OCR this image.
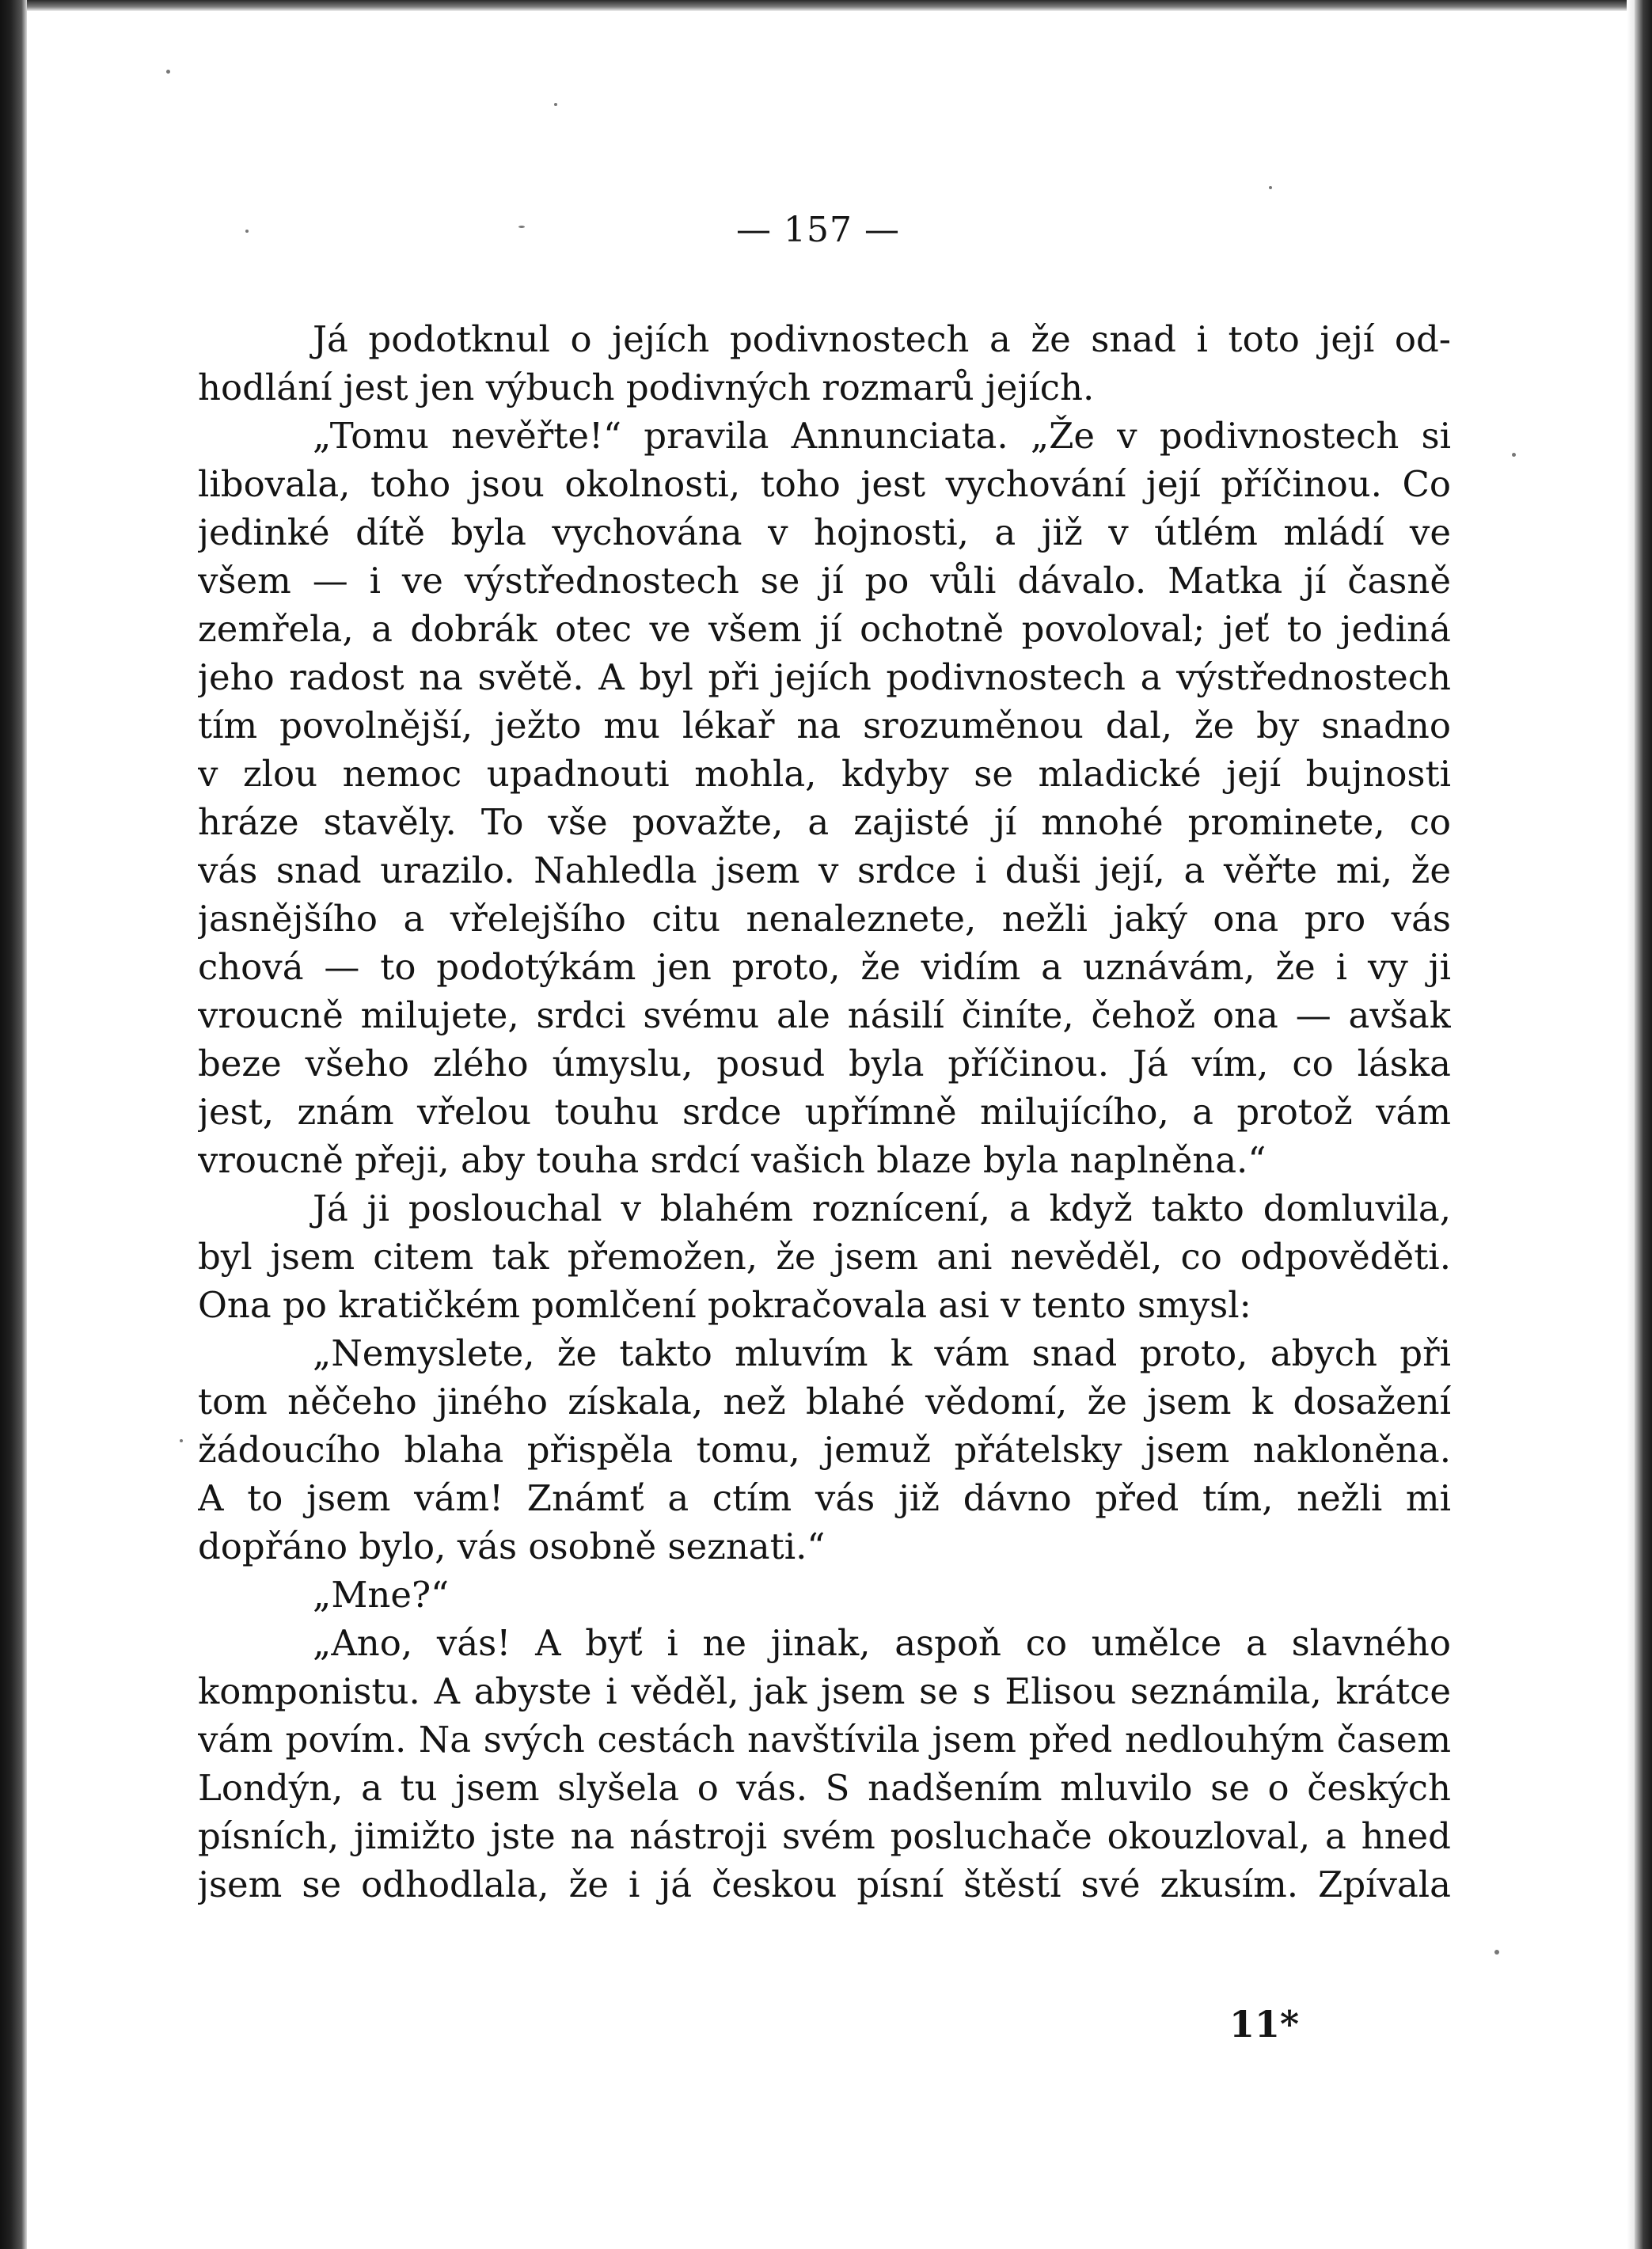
— 157 —
Já podotknul o jejích podivnostech a že snad i toto její od-
hodlání jest jen výbuch podivných rozmarů jejích.
„Tomu nevěřte!“ pravila Annunciata. „Že v podivnostech si
libovala, toho jsou okolnosti, toho jest vychování její příčinou. Co
jedinké dítě byla vychována v hojnosti, a již v útlém mládí ve
všem — i ve výstřednostech se jí po vůli dávalo. Matka jí časně
zemřela, a dobrák otec ve všem jí ochotně povoloval; jeť to jediná
jeho radost na světě. A byl při jejích podivnostech a výstřednostech
tím povolnější, ježto mu lékař na srozuměnou dal, že by snadno
v zlou nemoc upadnouti mohla, kdyby se mladické její bujnosti
hráze stavěly. To vše považte, a zajisté jí mnohé prominete, co
vás snad urazilo. Nahledla jsem v srdce i duši její, a věřte mi, že
jasnějšího a vřelejšího citu nenaleznete, nežli jaký ona pro vás
chová — to podotýkám jen proto, že vidím a uznávám, že i vy ji
vroucně milujete, srdci svému ale násilí činíte, čehož ona — avšak
beze všeho zlého úmyslu, posud byla příčinou. Já vím, co láska
jest, znám vřelou touhu srdce upřímně milujícího, a protož vám
vroucně přeji, aby touha srdcí vašich blaze byla naplněna.“
Já ji poslouchal v blahém roznícení, a když takto domluvila,
byl jsem citem tak přemožen, že jsem ani nevěděl, co odpověděti.
Ona po kratičkém pomlčení pokračovala asi v tento smysl:
„Nemyslete, že takto mluvím k vám snad proto, abych při
tom něčeho jiného získala, než blahé vědomí, že jsem k dosažení
žádoucího blaha přispěla tomu, jemuž přátelsky jsem nakloněna.
A to jsem vám! Známť a ctím vás již dávno před tím, nežli mi
dopřáno bylo, vás osobně seznati.“
„Mne?“
„Ano, vás! A byť i ne jinak, aspoň co umělce a slavného
komponistu. A abyste i věděl, jak jsem se s Elisou seznámila, krátce
vám povím. Na svých cestách navštívila jsem před nedlouhým časem
Londýn, a tu jsem slyšela o vás. S nadšením mluvilo se o českých
písních, jimižto jste na nástroji svém posluchače okouzloval, a hned
jsem se odhodlala, že i já českou písní štěstí své zkusím. Zpívala
11*
